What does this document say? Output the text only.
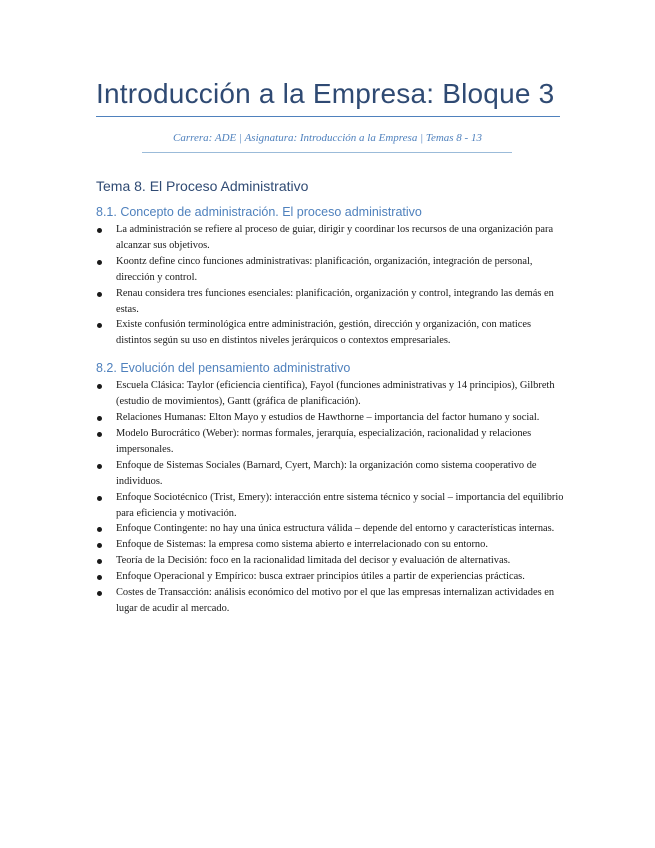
Introducción a la Empresa: Bloque 3
Carrera: ADE | Asignatura: Introducción a la Empresa | Temas 8 - 13
Tema 8. El Proceso Administrativo
8.1. Concepto de administración. El proceso administrativo
La administración se refiere al proceso de guiar, dirigir y coordinar los recursos de una organización para alcanzar sus objetivos.
Koontz define cinco funciones administrativas: planificación, organización, integración de personal, dirección y control.
Renau considera tres funciones esenciales: planificación, organización y control, integrando las demás en estas.
Existe confusión terminológica entre administración, gestión, dirección y organización, con matices distintos según su uso en distintos niveles jerárquicos o contextos empresariales.
8.2. Evolución del pensamiento administrativo
Escuela Clásica: Taylor (eficiencia científica), Fayol (funciones administrativas y 14 principios), Gilbreth (estudio de movimientos), Gantt (gráfica de planificación).
Relaciones Humanas: Elton Mayo y estudios de Hawthorne – importancia del factor humano y social.
Modelo Burocrático (Weber): normas formales, jerarquía, especialización, racionalidad y relaciones impersonales.
Enfoque de Sistemas Sociales (Barnard, Cyert, March): la organización como sistema cooperativo de individuos.
Enfoque Sociotécnico (Trist, Emery): interacción entre sistema técnico y social – importancia del equilibrio para eficiencia y motivación.
Enfoque Contingente: no hay una única estructura válida – depende del entorno y características internas.
Enfoque de Sistemas: la empresa como sistema abierto e interrelacionado con su entorno.
Teoría de la Decisión: foco en la racionalidad limitada del decisor y evaluación de alternativas.
Enfoque Operacional y Empírico: busca extraer principios útiles a partir de experiencias prácticas.
Costes de Transacción: análisis económico del motivo por el que las empresas internalizan actividades en lugar de acudir al mercado.
